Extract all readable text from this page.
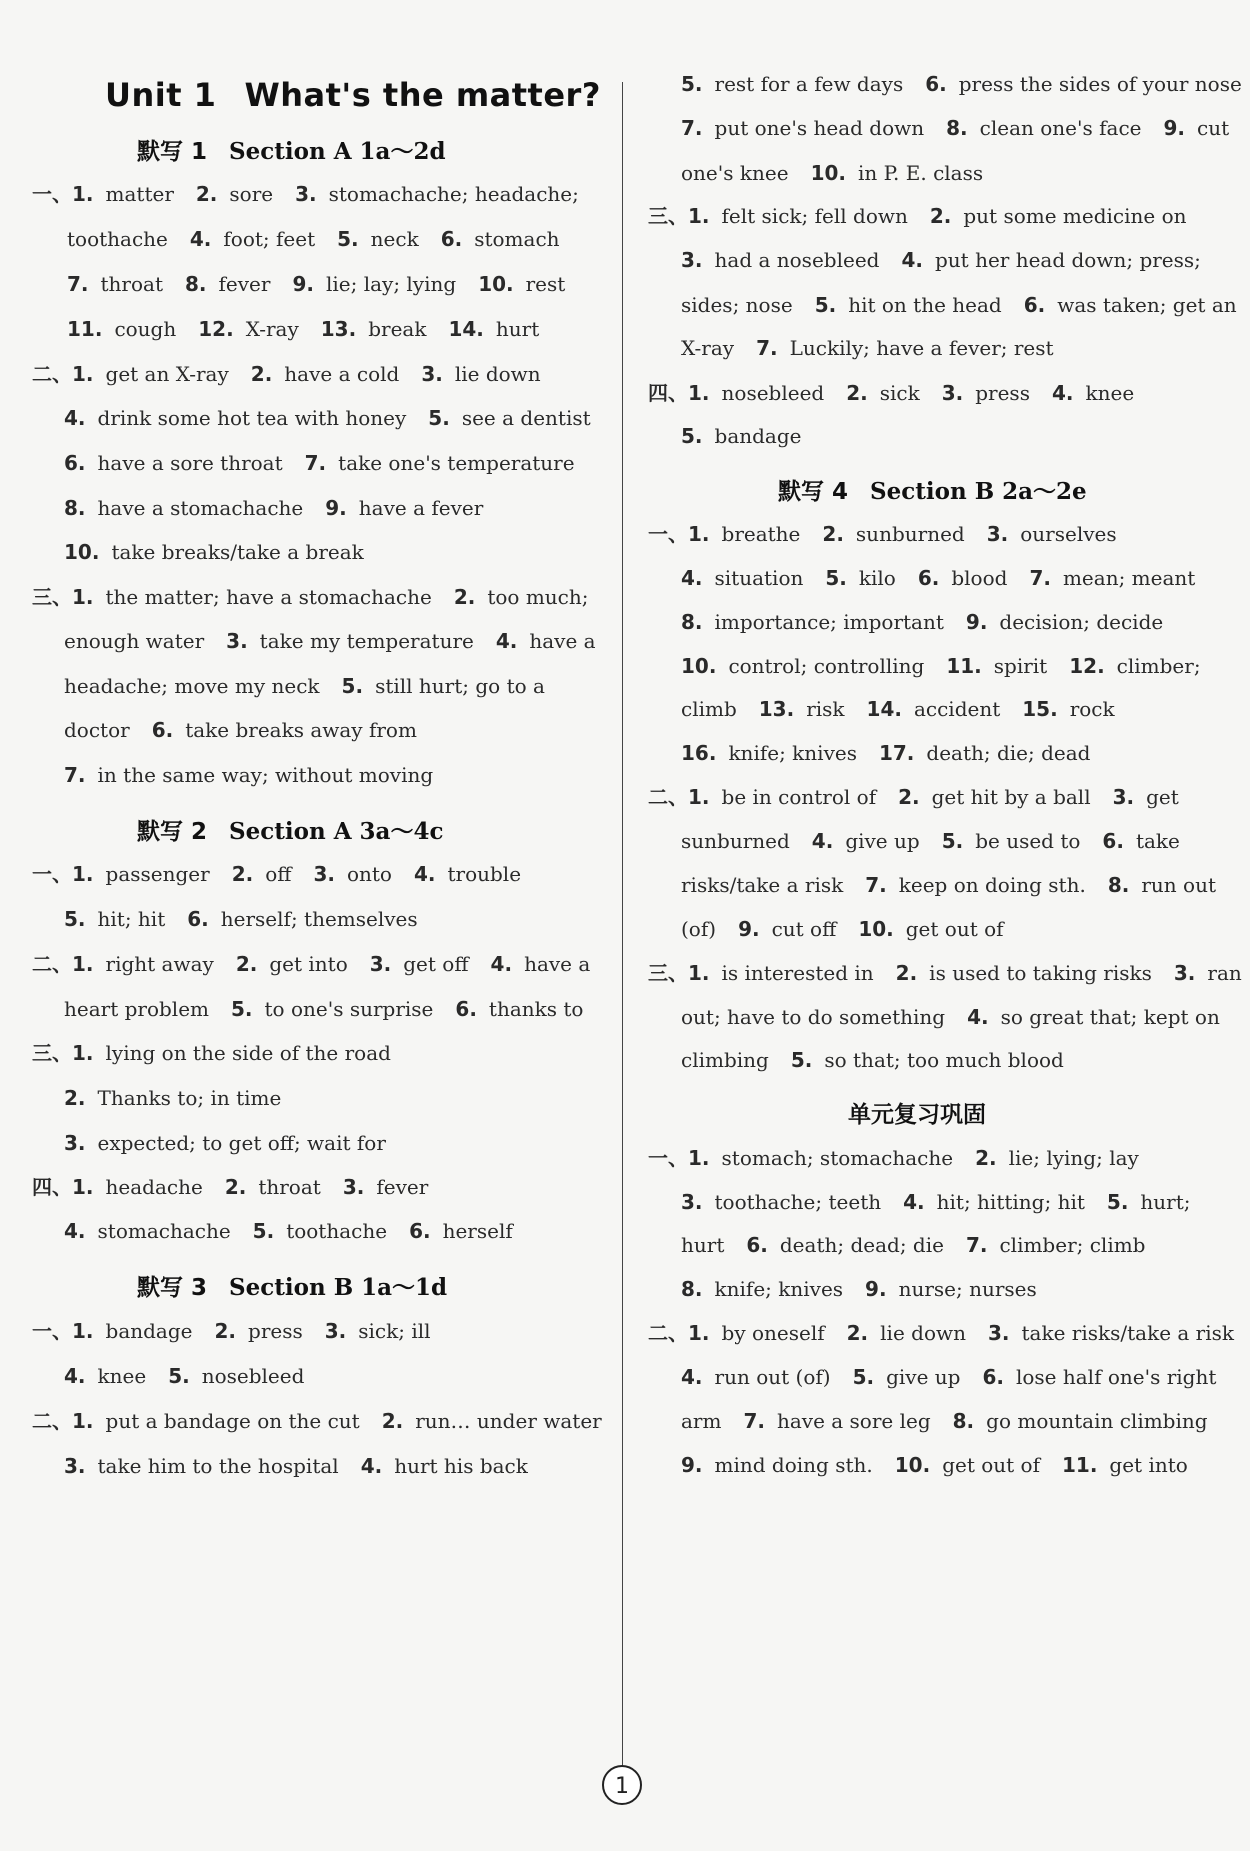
Unit 1 What's the matter?
默写 1 Section A 1a～2d
一、1. matter 2. sore 3. stomachache; headache;
toothache 4. foot; feet 5. neck 6. stomach
7. throat 8. fever 9. lie; lay; lying 10. rest
11. cough 12. X-ray 13. break 14. hurt
二、1. get an X-ray 2. have a cold 3. lie down
4. drink some hot tea with honey 5. see a dentist
6. have a sore throat 7. take one's temperature
8. have a stomachache 9. have a fever
10. take breaks/take a break
三、1. the matter; have a stomachache 2. too much;
enough water 3. take my temperature 4. have a
headache; move my neck 5. still hurt; go to a
doctor 6. take breaks away from
7. in the same way; without moving
默写 2 Section A 3a～4c
一、1. passenger 2. off 3. onto 4. trouble
5. hit; hit 6. herself; themselves
二、1. right away 2. get into 3. get off 4. have a
heart problem 5. to one's surprise 6. thanks to
三、1. lying on the side of the road
2. Thanks to; in time
3. expected; to get off; wait for
四、1. headache 2. throat 3. fever
4. stomachache 5. toothache 6. herself
默写 3 Section B 1a～1d
一、1. bandage 2. press 3. sick; ill
4. knee 5. nosebleed
二、1. put a bandage on the cut 2. run… under water
3. take him to the hospital 4. hurt his back
5. rest for a few days 6. press the sides of your nose
7. put one's head down 8. clean one's face 9. cut
one's knee 10. in P. E. class
三、1. felt sick; fell down 2. put some medicine on
3. had a nosebleed 4. put her head down; press;
sides; nose 5. hit on the head 6. was taken; get an
X-ray 7. Luckily; have a fever; rest
四、1. nosebleed 2. sick 3. press 4. knee
5. bandage
默写 4 Section B 2a～2e
一、1. breathe 2. sunburned 3. ourselves
4. situation 5. kilo 6. blood 7. mean; meant
8. importance; important 9. decision; decide
10. control; controlling 11. spirit 12. climber;
climb 13. risk 14. accident 15. rock
16. knife; knives 17. death; die; dead
二、1. be in control of 2. get hit by a ball 3. get
sunburned 4. give up 5. be used to 6. take
risks/take a risk 7. keep on doing sth. 8. run out
(of) 9. cut off 10. get out of
三、1. is interested in 2. is used to taking risks 3. ran
out; have to do something 4. so great that; kept on
climbing 5. so that; too much blood
单元复习巩固
一、1. stomach; stomachache 2. lie; lying; lay
3. toothache; teeth 4. hit; hitting; hit 5. hurt;
hurt 6. death; dead; die 7. climber; climb
8. knife; knives 9. nurse; nurses
二、1. by oneself 2. lie down 3. take risks/take a risk
4. run out (of) 5. give up 6. lose half one's right
arm 7. have a sore leg 8. go mountain climbing
9. mind doing sth. 10. get out of 11. get into
1
